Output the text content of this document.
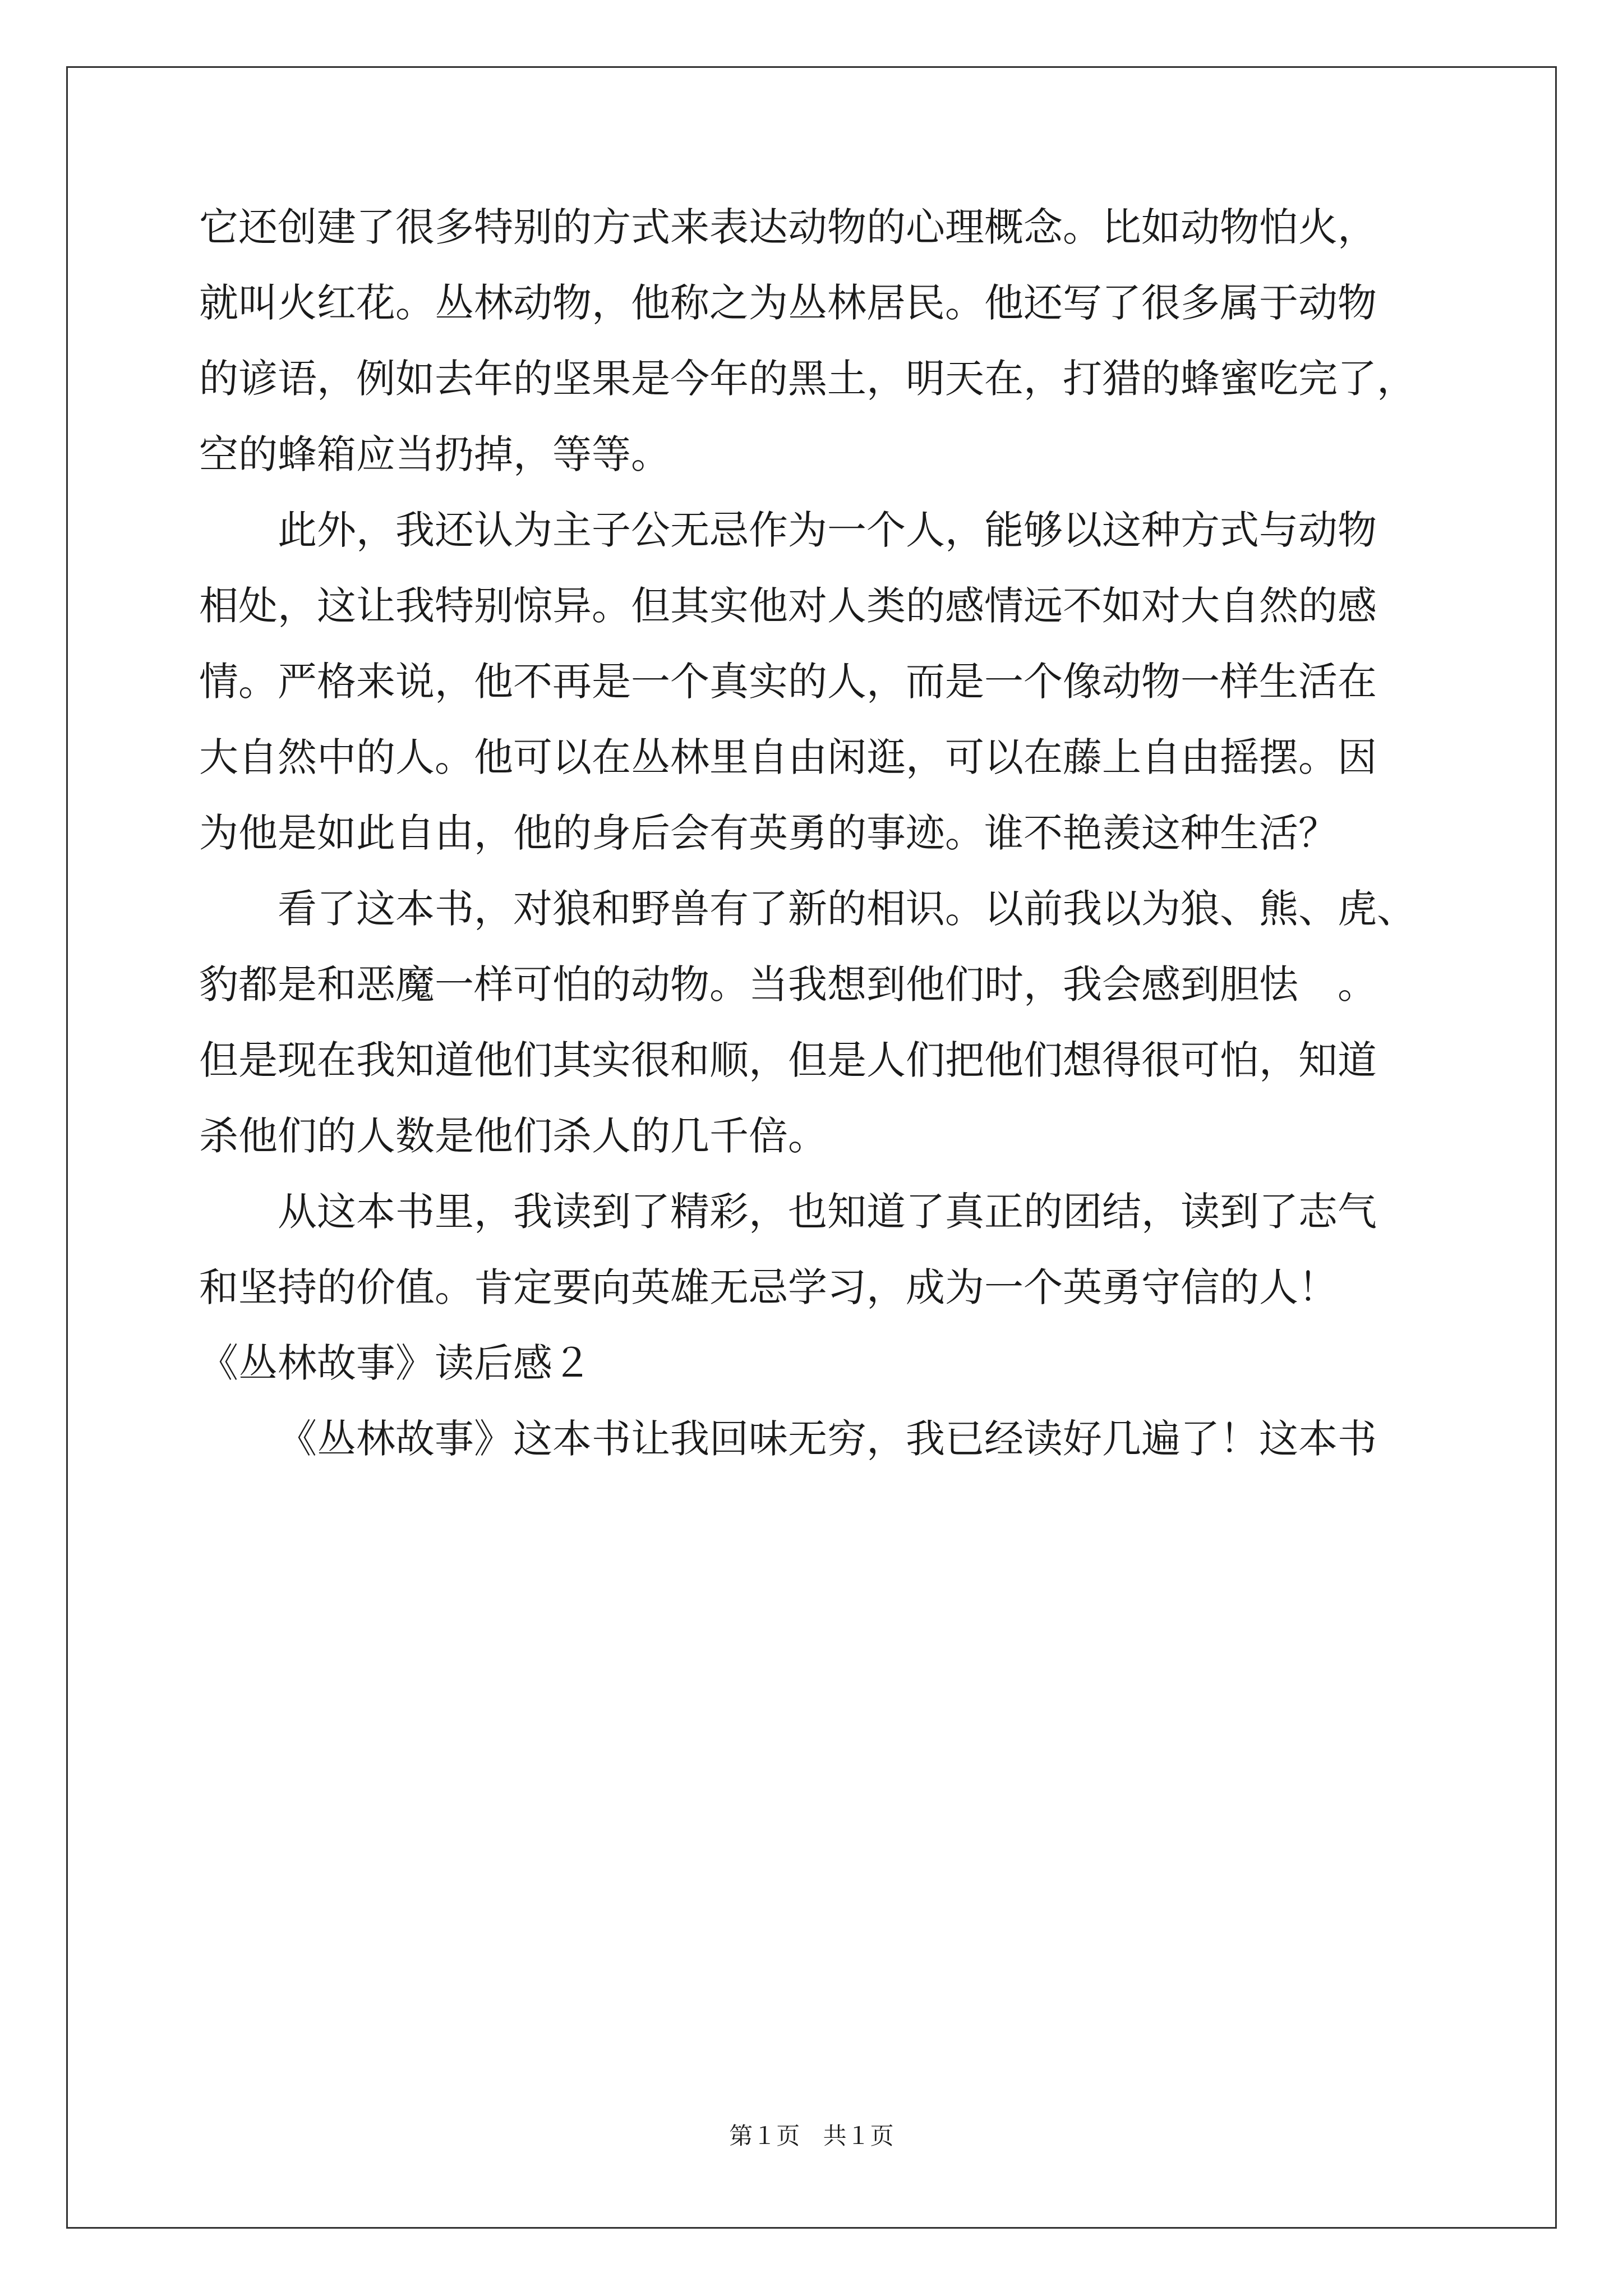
它还创建了很多特别的方式来表达动物的心理概念。比如动物怕火，
就叫火红花。丛林动物，他称之为丛林居民。他还写了很多属于动物
的谚语，例如去年的坚果是今年的黑土，明天在，打猎的蜂蜜吃完了，
空的蜂箱应当扔掉，等等。
此外，我还认为主子公无忌作为一个人，能够以这种方式与动物
相处，这让我特别惊异。但其实他对人类的感情远不如对大自然的感
情。严格来说，他不再是一个真实的人，而是一个像动物一样生活在
大自然中的人。他可以在丛林里自由闲逛，可以在藤上自由摇摆。因
为他是如此自由，他的身后会有英勇的事迹。谁不艳羡这种生活？
看了这本书，对狼和野兽有了新的相识。以前我以为狼、熊、虎、
豹都是和恶魔一样可怕的动物。当我想到他们时，我会感到胆怯　。
但是现在我知道他们其实很和顺，但是人们把他们想得很可怕，知道
杀他们的人数是他们杀人的几千倍。
从这本书里，我读到了精彩，也知道了真正的团结，读到了志气
和坚持的价值。肯定要向英雄无忌学习，成为一个英勇守信的人！
《丛林故事》读后感２
《丛林故事》这本书让我回味无穷，我已经读好几遍了！这本书
第１页 共１页
